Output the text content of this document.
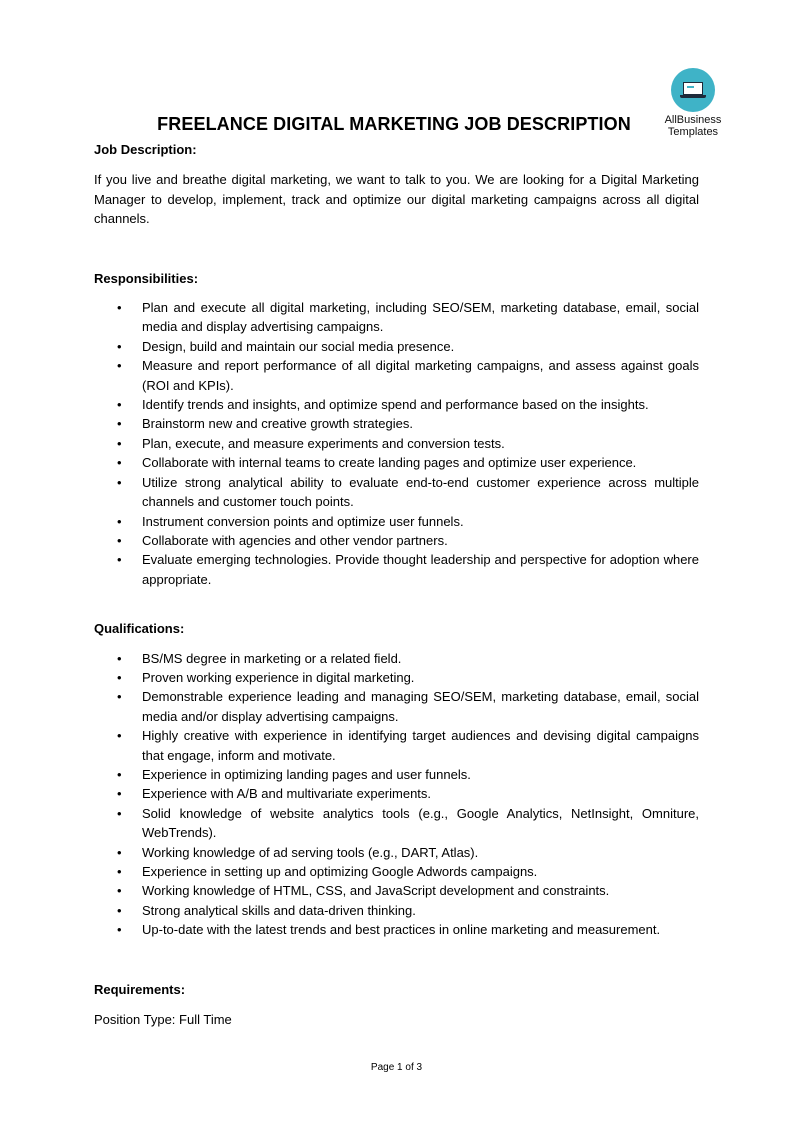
AllBusiness
Templates
FREELANCE DIGITAL MARKETING JOB DESCRIPTION

Job Description:

If you live and breathe digital marketing, we want to talk to you. We are looking for a Digital Marketing Manager to develop, implement, track and optimize our digital marketing campaigns across all digital channels.

Responsibilities:

• Plan and execute all digital marketing, including SEO/SEM, marketing database, email, social media and display advertising campaigns.
• Design, build and maintain our social media presence.
• Measure and report performance of all digital marketing campaigns, and assess against goals (ROI and KPIs).
• Identify trends and insights, and optimize spend and performance based on the insights.
• Brainstorm new and creative growth strategies.
• Plan, execute, and measure experiments and conversion tests.
• Collaborate with internal teams to create landing pages and optimize user experience.
• Utilize strong analytical ability to evaluate end-to-end customer experience across multiple channels and customer touch points.
• Instrument conversion points and optimize user funnels.
• Collaborate with agencies and other vendor partners.
• Evaluate emerging technologies. Provide thought leadership and perspective for adoption where appropriate.

Qualifications:

• BS/MS degree in marketing or a related field.
• Proven working experience in digital marketing.
• Demonstrable experience leading and managing SEO/SEM, marketing database, email, social media and/or display advertising campaigns.
• Highly creative with experience in identifying target audiences and devising digital campaigns that engage, inform and motivate.
• Experience in optimizing landing pages and user funnels.
• Experience with A/B and multivariate experiments.
• Solid knowledge of website analytics tools (e.g., Google Analytics, NetInsight, Omniture, WebTrends).
• Working knowledge of ad serving tools (e.g., DART, Atlas).
• Experience in setting up and optimizing Google Adwords campaigns.
• Working knowledge of HTML, CSS, and JavaScript development and constraints.
• Strong analytical skills and data-driven thinking.
• Up-to-date with the latest trends and best practices in online marketing and measurement.

Requirements:

Position Type: Full Time

Page 1 of 3
